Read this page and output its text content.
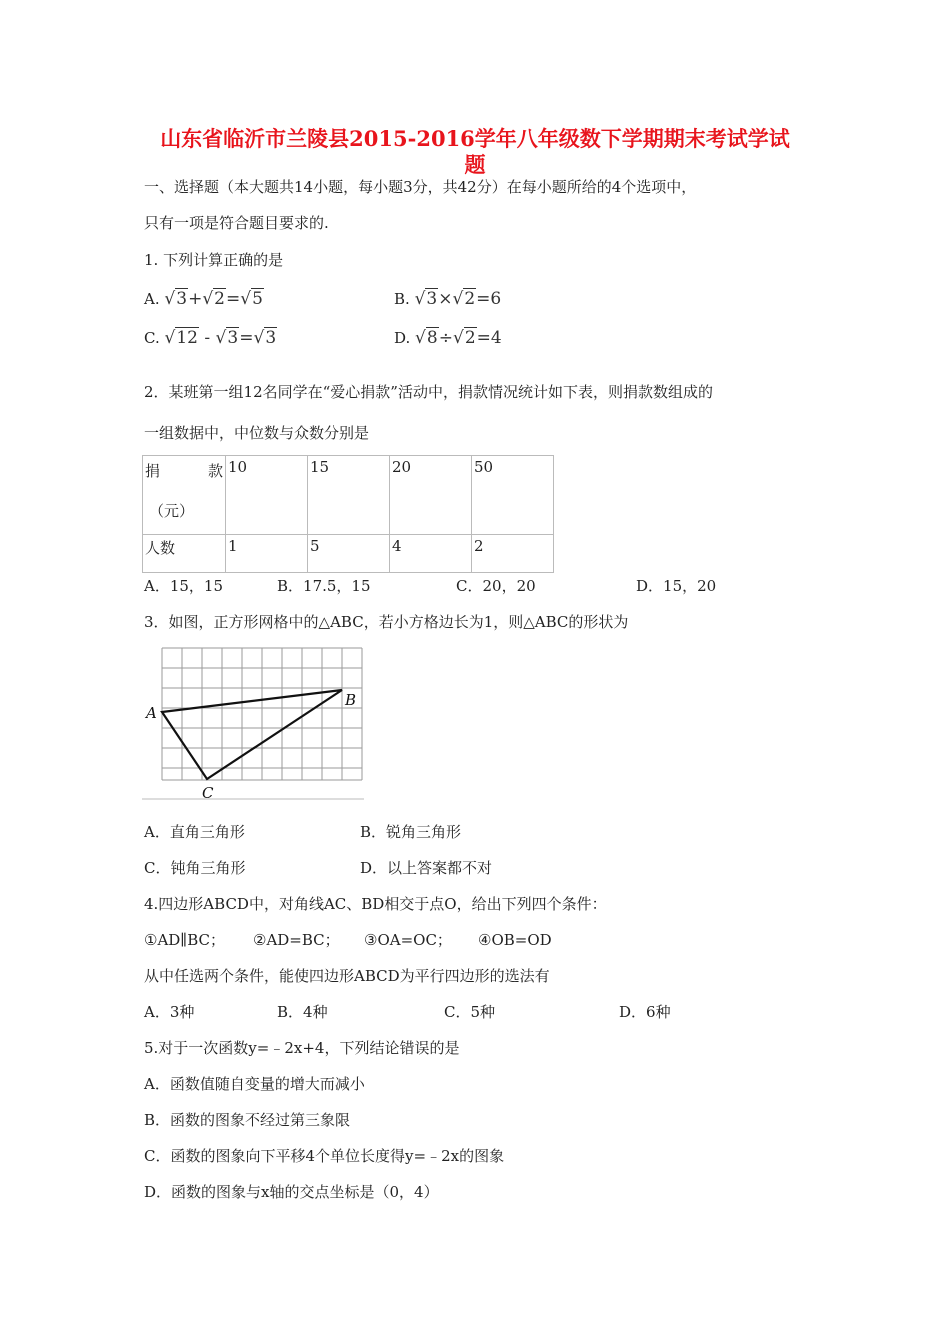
山东省临沂市兰陵县2015-2016学年八年级数下学期期末考试学试
题
一、选择题（本大题共14小题，每小题3分，共42分）在每小题所给的4个选项中，
只有一项是符合题目要求的.
1. 下列计算正确的是
A. √3+√2=√5	B. √3×√2=6
C. √12 - √3=√3	D. √8÷√2=4
2．某班第一组12名同学在“爱心捐款”活动中，捐款情况统计如下表，则捐款数组成的
一组数据中，中位数与众数分别是
捐 款
（元）	10	15	20	50
人数	1	5	4	2
A．15，15	B．17.5，15	C．20，20	D．15，20
3．如图，正方形网格中的△ABC，若小方格边长为1，则△ABC的形状为
A
B
C
A．直角三角形	B．锐角三角形
C．钝角三角形	D．以上答案都不对
4.四边形ABCD中，对角线AC、BD相交于点O，给出下列四个条件：
①AD∥BC； ②AD=BC； ③OA=OC； ④OB=OD
从中任选两个条件，能使四边形ABCD为平行四边形的选法有
A．3种	B．4种	C．5种	D．6种
5.对于一次函数y=﹣2x+4，下列结论错误的是
A．函数值随自变量的增大而减小
B．函数的图象不经过第三象限
C．函数的图象向下平移4个单位长度得y=﹣2x的图象
D．函数的图象与x轴的交点坐标是（0，4）
